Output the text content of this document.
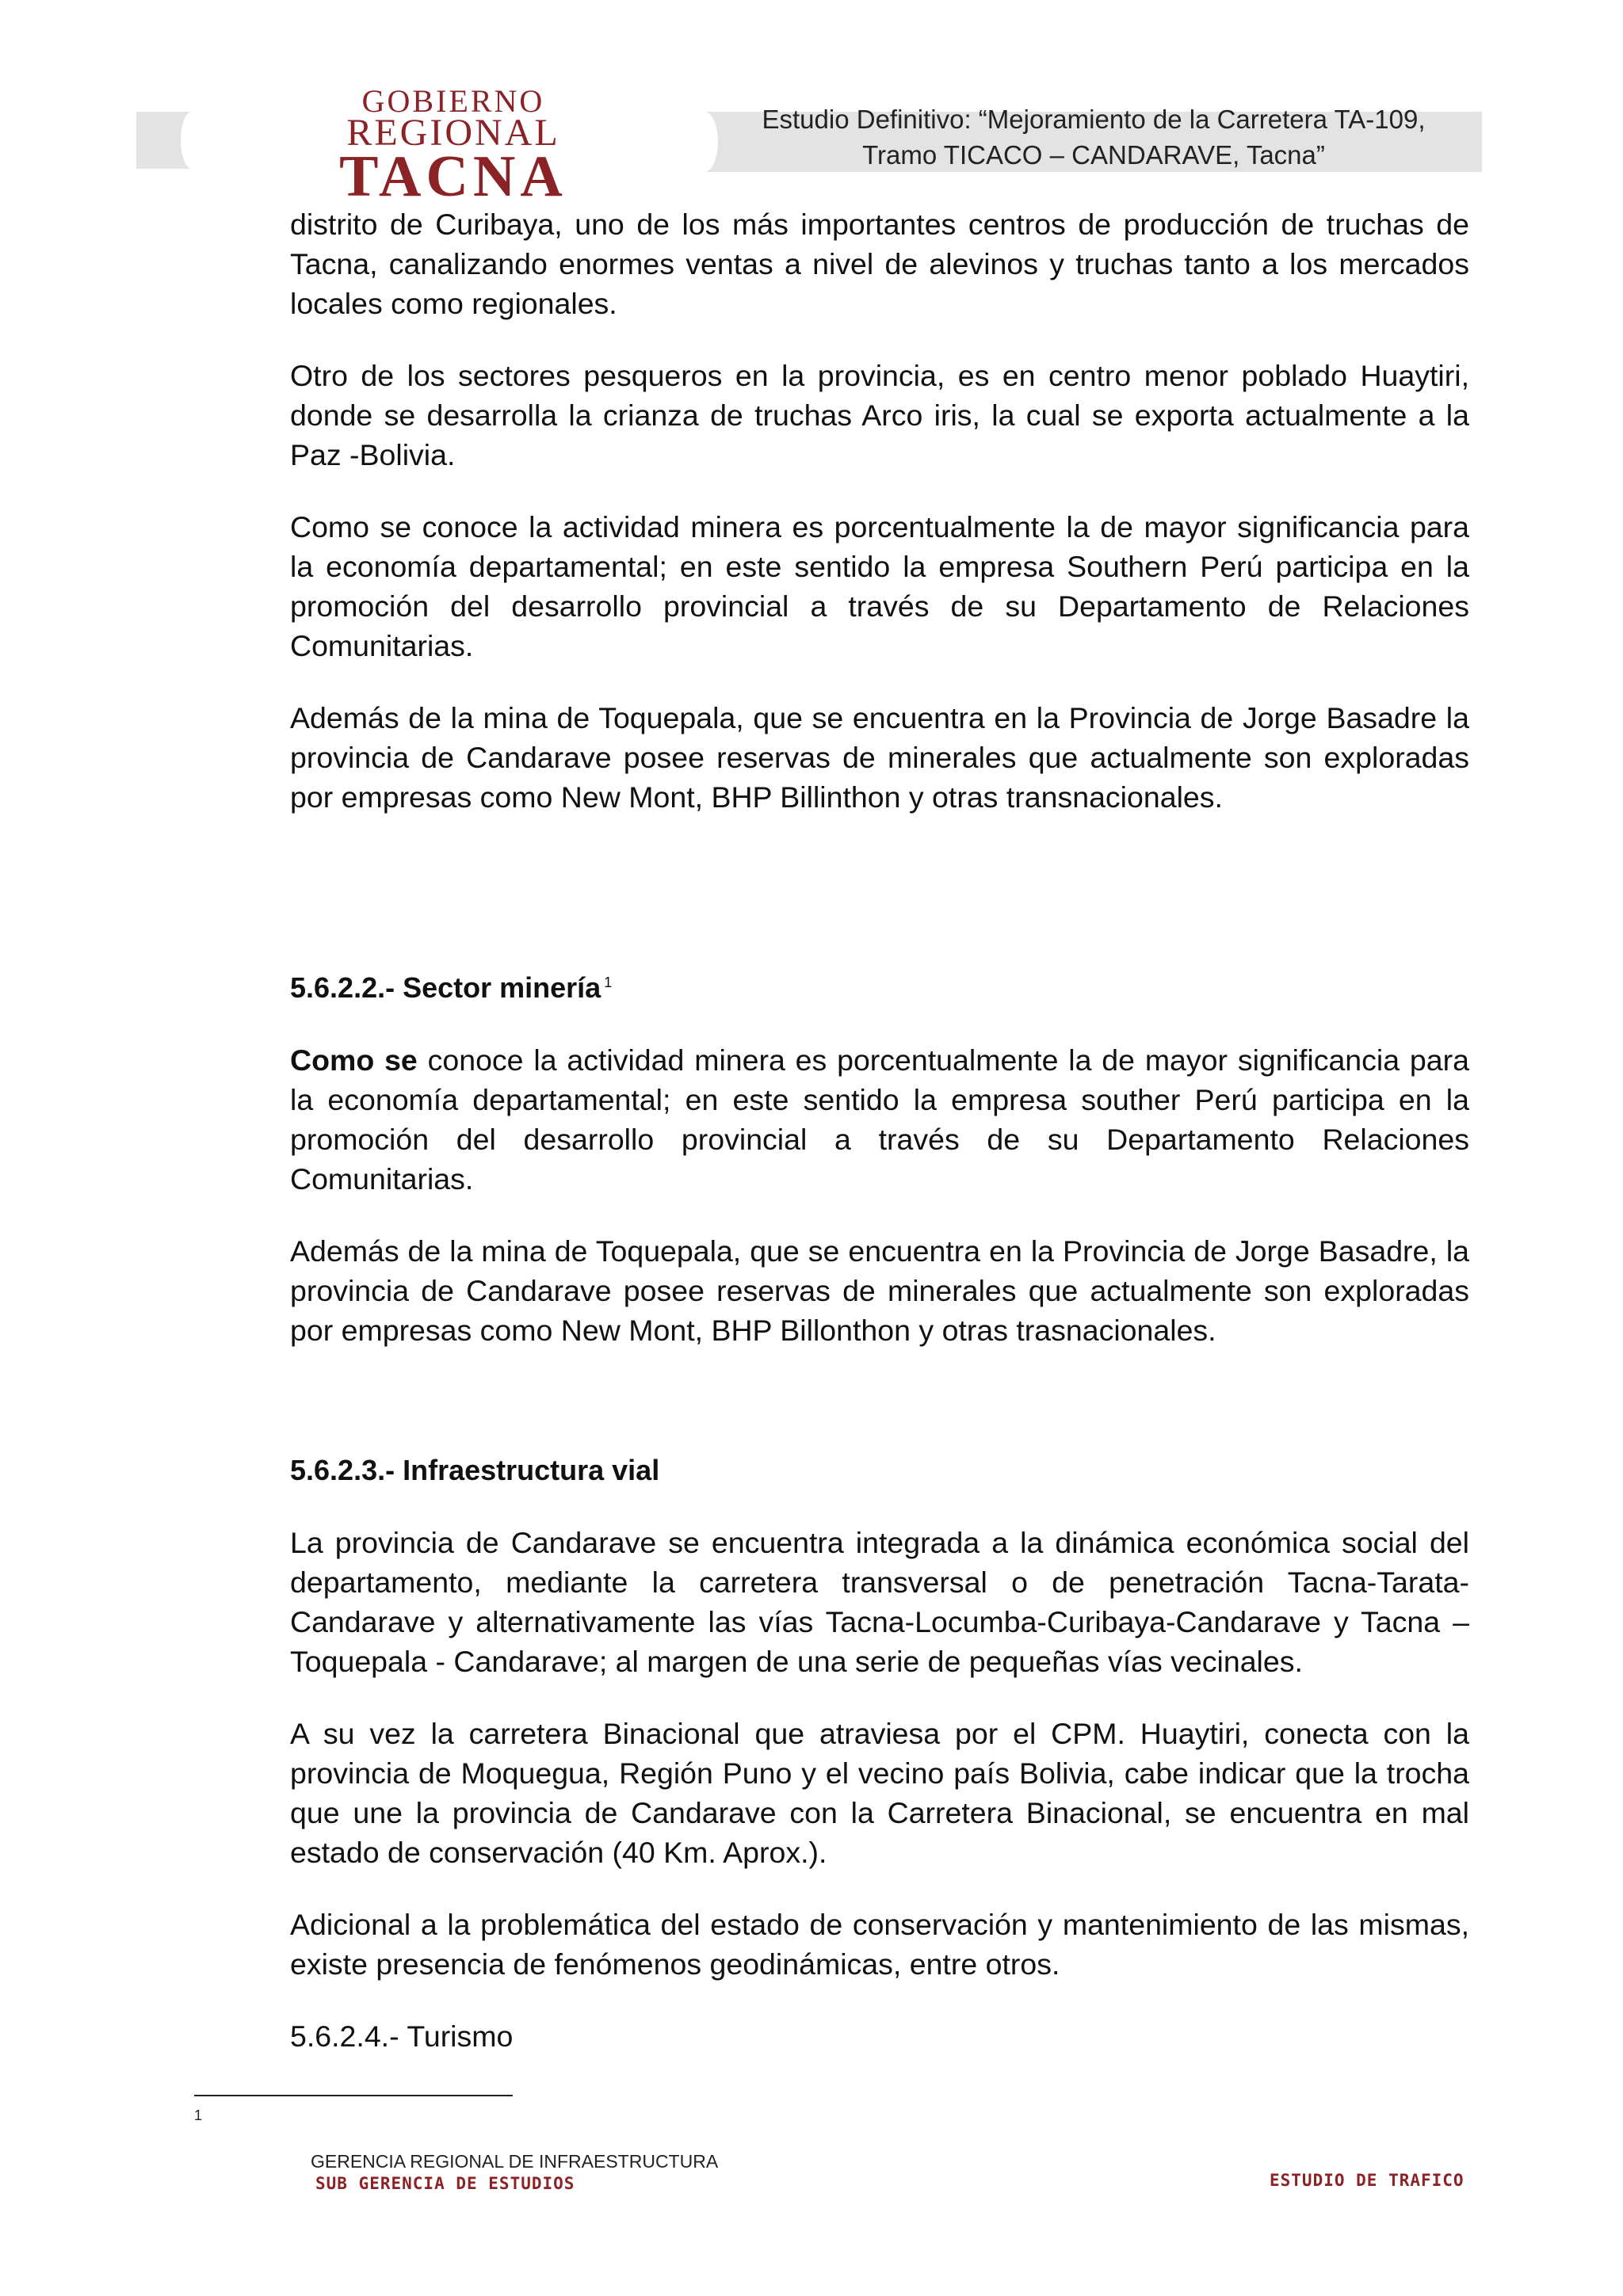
GOBIERNO
REGIONAL
TACNA
Estudio Definitivo: “Mejoramiento de la Carretera TA-109,
Tramo TICACO – CANDARAVE, Tacna”

distrito de Curibaya, uno de los más importantes centros de producción de truchas de Tacna, canalizando enormes ventas a nivel de alevinos y truchas tanto a los mercados locales como regionales.

Otro de los sectores pesqueros en la provincia, es en centro menor poblado Huaytiri, donde se desarrolla la crianza de truchas Arco iris, la cual se exporta actualmente a la Paz -Bolivia.

Como se conoce la actividad minera es porcentualmente la de mayor significancia para la economía departamental; en este sentido la empresa Southern Perú participa en la promoción del desarrollo provincial a través de su Departamento de Relaciones Comunitarias.

Además de la mina de Toquepala, que se encuentra en la Provincia de Jorge Basadre la provincia de Candarave posee reservas de minerales que actualmente son exploradas por empresas como New Mont, BHP Billinthon y otras transnacionales.

5.6.2.2.- Sector minería $^1$

Como se conoce la actividad minera es porcentualmente la de mayor significancia para la economía departamental; en este sentido la empresa souther Perú participa en la promoción del desarrollo provincial a través de su Departamento Relaciones Comunitarias.

Además de la mina de Toquepala, que se encuentra en la Provincia de Jorge Basadre, la provincia de Candarave posee reservas de minerales que actualmente son exploradas por empresas como New Mont, BHP Billonthon y otras trasnacionales.

5.6.2.3.- Infraestructura vial

La provincia de Candarave se encuentra integrada a la dinámica económica social del departamento, mediante la carretera transversal o de penetración Tacna-Tarata-Candarave y alternativamente las vías Tacna-Locumba-Curibaya-Candarave y Tacna – Toquepala - Candarave; al margen de una serie de pequeñas vías vecinales.

A su vez la carretera Binacional que atraviesa por el CPM. Huaytiri, conecta con la provincia de Moquegua, Región Puno y el vecino país Bolivia, cabe indicar que la trocha que une la provincia de Candarave con la Carretera Binacional, se encuentra en mal estado de conservación (40 Km. Aprox.).

Adicional a la problemática del estado de conservación y mantenimiento de las mismas, existe presencia de fenómenos geodinámicas, entre otros.

5.6.2.4.- Turismo
1
GERENCIA REGIONAL DE INFRAESTRUCTURA
SUB GERENCIA DE ESTUDIOS	ESTUDIO DE TRAFICO
